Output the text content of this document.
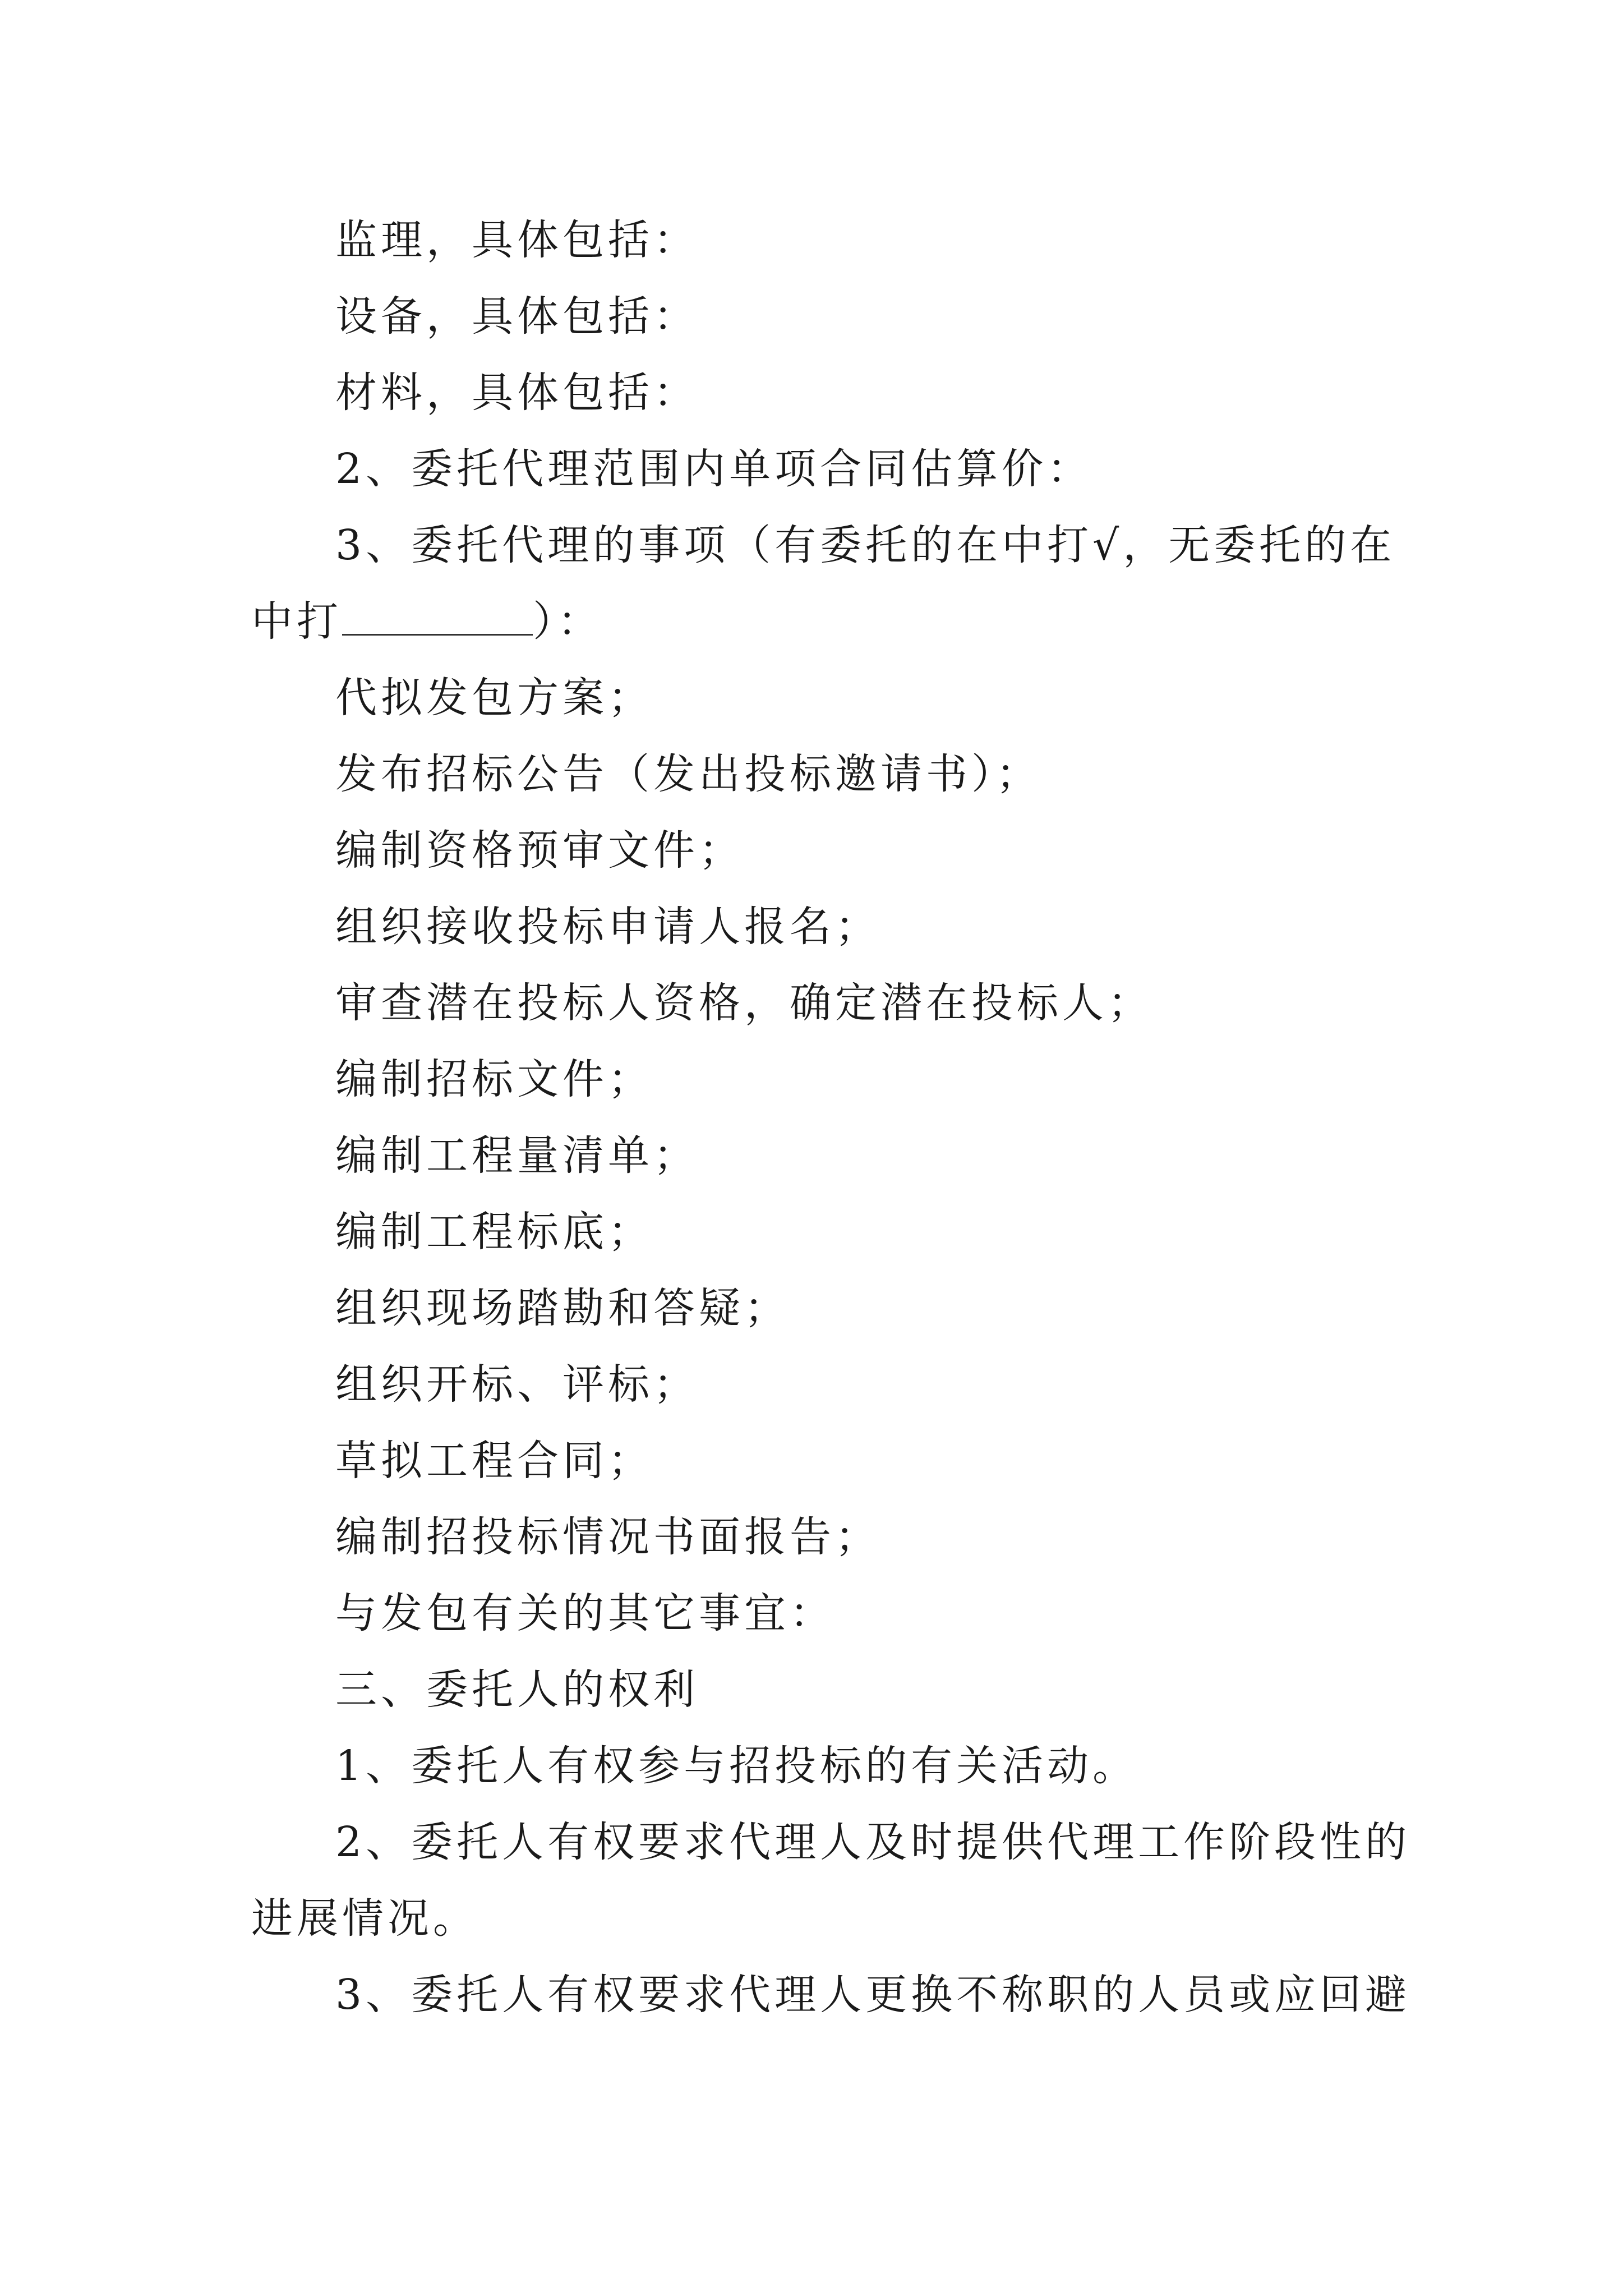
监理，具体包括：
设备，具体包括：
材料，具体包括：
2、委托代理范围内单项合同估算价：
3、委托代理的事项（有委托的在中打√，无委托的在
中打	）：
代拟发包方案；
发布招标公告（发出投标邀请书）；
编制资格预审文件；
组织接收投标申请人报名；
审查潜在投标人资格，确定潜在投标人；
编制招标文件；
编制工程量清单；
编制工程标底；
组织现场踏勘和答疑；
组织开标、评标；
草拟工程合同；
编制招投标情况书面报告；
与发包有关的其它事宜：
三、委托人的权利
1、委托人有权参与招投标的有关活动。
2、委托人有权要求代理人及时提供代理工作阶段性的
进展情况。
3、委托人有权要求代理人更换不称职的人员或应回避
